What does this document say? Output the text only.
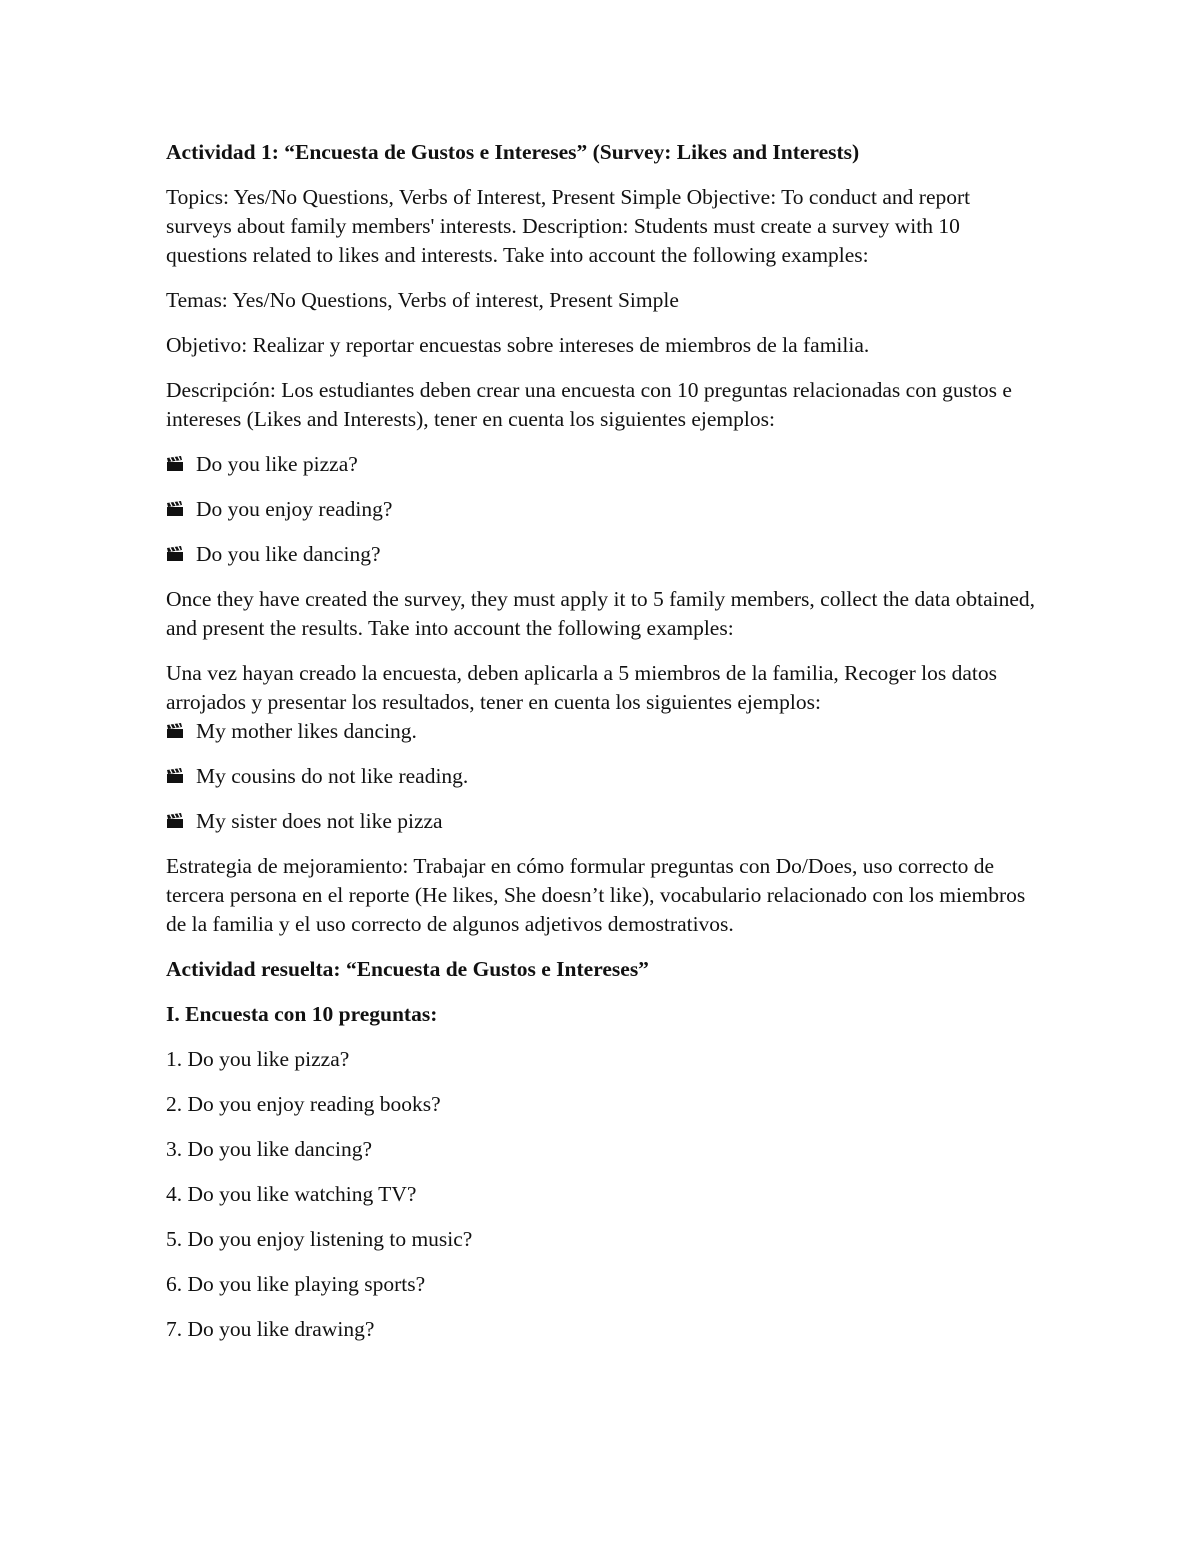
Actividad 1: “Encuesta de Gustos e Intereses” (Survey: Likes and Interests)

Topics: Yes/No Questions, Verbs of Interest, Present Simple Objective: To conduct and report surveys about family members' interests. Description: Students must create a survey with 10 questions related to likes and interests. Take into account the following examples:

Temas: Yes/No Questions, Verbs of interest, Present Simple

Objetivo: Realizar y reportar encuestas sobre intereses de miembros de la familia.

Descripción: Los estudiantes deben crear una encuesta con 10 preguntas relacionadas con gustos e intereses (Likes and Interests), tener en cuenta los siguientes ejemplos:

Do you like pizza?

Do you enjoy reading?

Do you like dancing?

Once they have created the survey, they must apply it to 5 family members, collect the data obtained, and present the results. Take into account the following examples:

Una vez hayan creado la encuesta, deben aplicarla a 5 miembros de la familia, Recoger los datos arrojados y presentar los resultados, tener en cuenta los siguientes ejemplos:

My mother likes dancing.

My cousins do not like reading.

My sister does not like pizza

Estrategia de mejoramiento: Trabajar en cómo formular preguntas con Do/Does, uso correcto de tercera persona en el reporte (He likes, She doesn’t like), vocabulario relacionado con los miembros de la familia y el uso correcto de algunos adjetivos demostrativos.

Actividad resuelta: “Encuesta de Gustos e Intereses”

I. Encuesta con 10 preguntas:

1. Do you like pizza?

2. Do you enjoy reading books?

3. Do you like dancing?

4. Do you like watching TV?

5. Do you enjoy listening to music?

6. Do you like playing sports?

7. Do you like drawing?
